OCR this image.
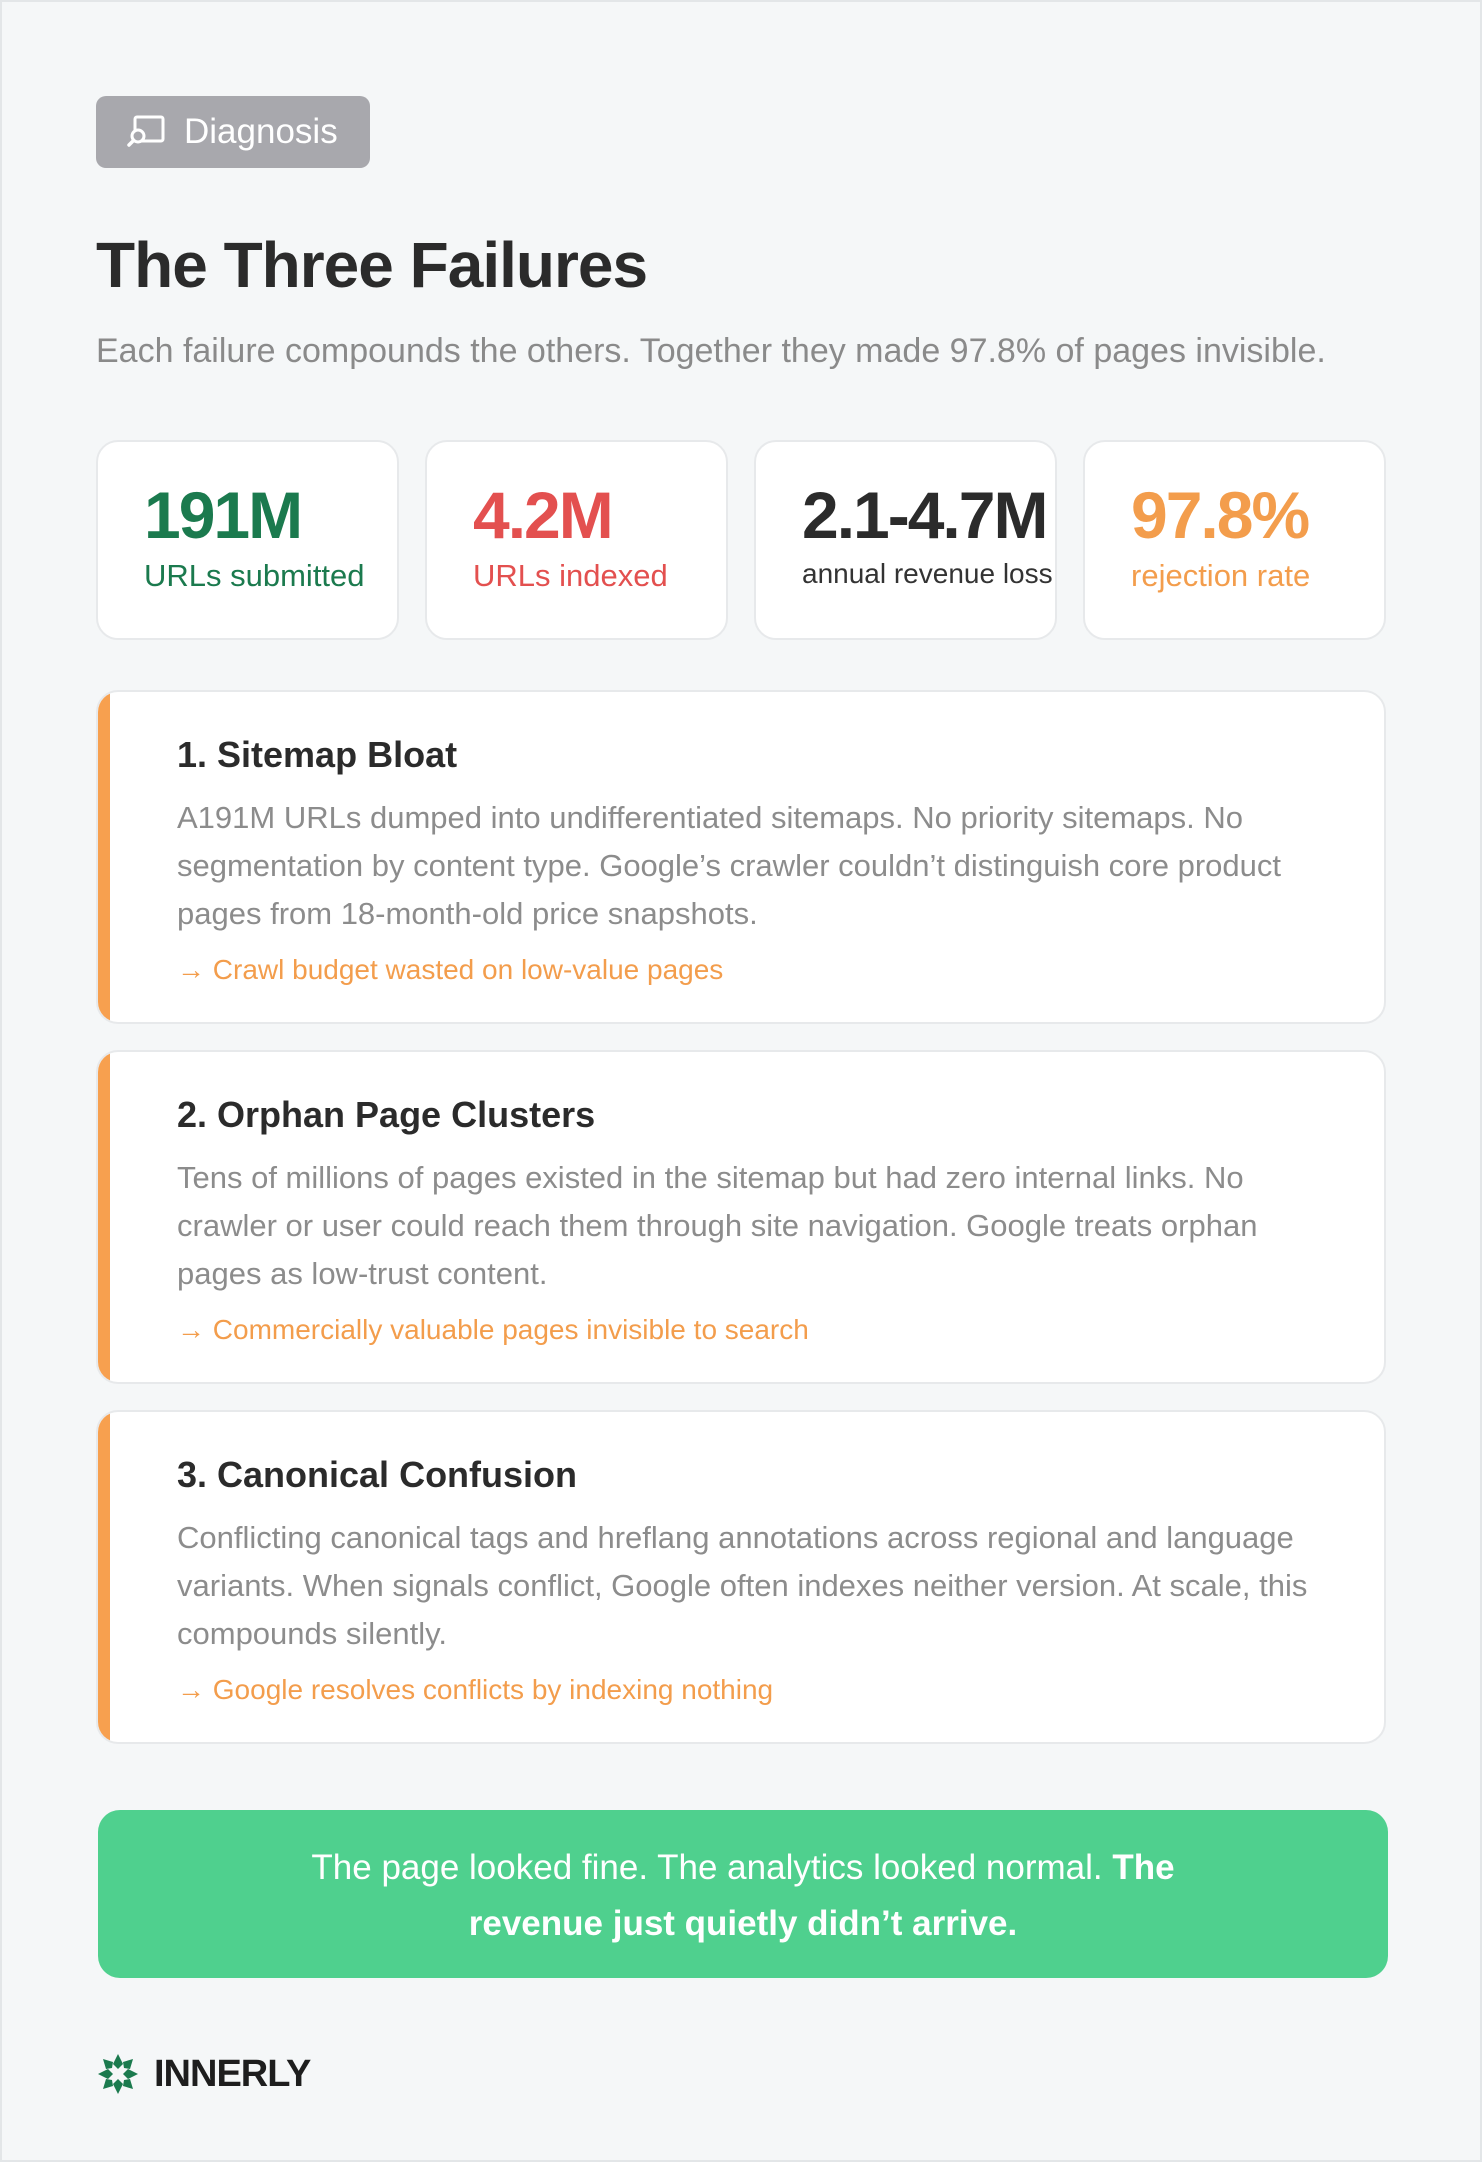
Diagnosis
The Three Failures

Each failure compounds the others. Together they made 97.8% of pages invisible.

191M
URLs submitted
4.2M
URLs indexed
2.1-4.7M
annual revenue loss
97.8%
rejection rate
1. Sitemap Bloat
A191M URLs dumped into undifferentiated sitemaps. No priority sitemaps. No segmentation by content type. Google’s crawler couldn’t distinguish core product pages from 18-month-old price snapshots.
→ Crawl budget wasted on low-value pages
2. Orphan Page Clusters
Tens of millions of pages existed in the sitemap but had zero internal links. No crawler or user could reach them through site navigation. Google treats orphan pages as low-trust content.
→ Commercially valuable pages invisible to search
3. Canonical Confusion
Conflicting canonical tags and hreflang annotations across regional and language variants. When signals conflict, Google often indexes neither version. At scale, this compounds silently.
→ Google resolves conflicts by indexing nothing
The page looked fine. The analytics looked normal. The revenue just quietly didn’t arrive.
INNERLY
